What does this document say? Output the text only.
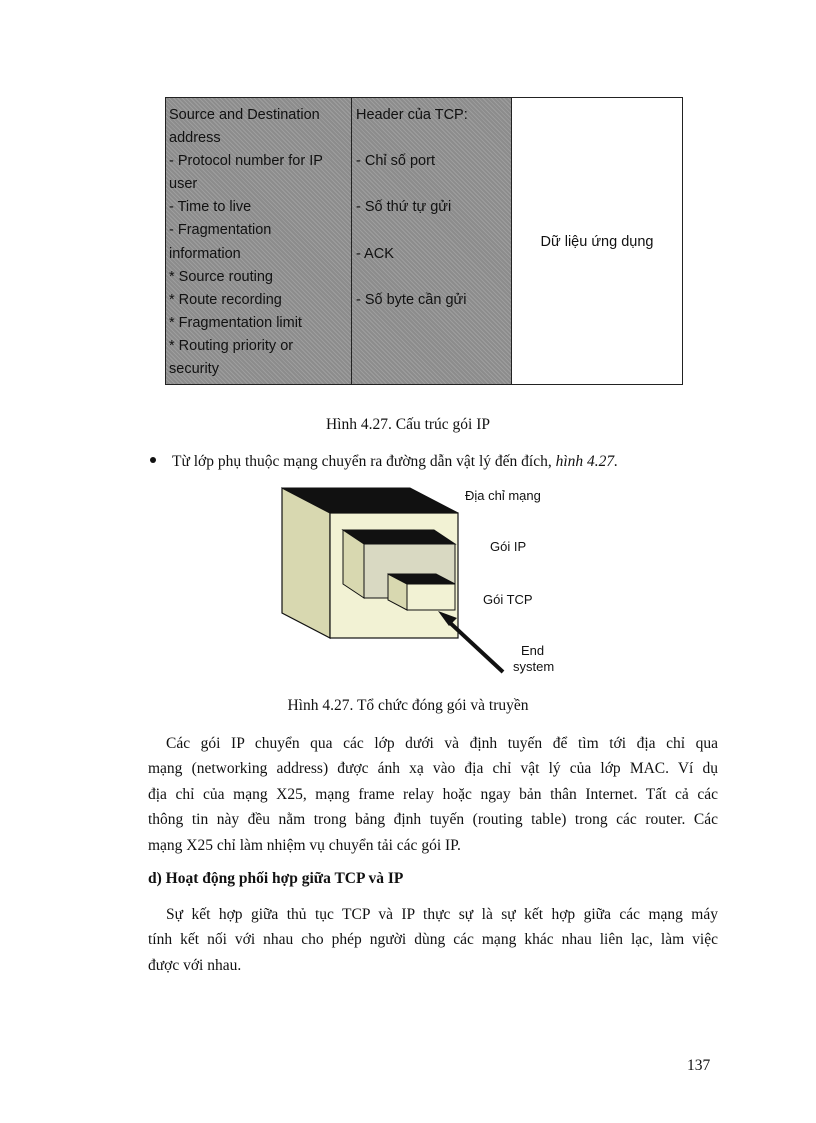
Source and Destination
address
- Protocol number for IP
user
- Time to live
- Fragmentation
information
* Source routing
* Route recording
* Fragmentation limit
* Routing priority or
security
Header của TCP:
- Chỉ số port
- Số thứ tự gửi
- ACK
- Số byte cần gửi
Dữ liệu ứng dụng
Hình 4.27. Cấu trúc gói IP
Từ lớp phụ thuộc mạng chuyển ra đường dẫn vật lý đến đích, hình 4.27.
Địa chỉ mạng
Gói IP
Gói TCP
End
system
Hình 4.27. Tổ chức đóng gói và truyền
Các gói IP chuyển qua các lớp dưới và định tuyến để tìm tới địa chỉ qua
mạng (networking address) được ánh xạ vào địa chỉ vật lý của lớp MAC. Ví dụ
địa chỉ của mạng X25, mạng frame relay hoặc ngay bản thân Internet. Tất cả các
thông tin này đều nằm trong bảng định tuyến (routing table) trong các router. Các
mạng X25 chỉ làm nhiệm vụ chuyển tải các gói IP.
d) Hoạt động phối hợp giữa TCP và IP
Sự kết hợp giữa thủ tục TCP và IP thực sự là sự kết hợp giữa các mạng máy
tính kết nối với nhau cho phép người dùng các mạng khác nhau liên lạc, làm việc
được với nhau.
137
